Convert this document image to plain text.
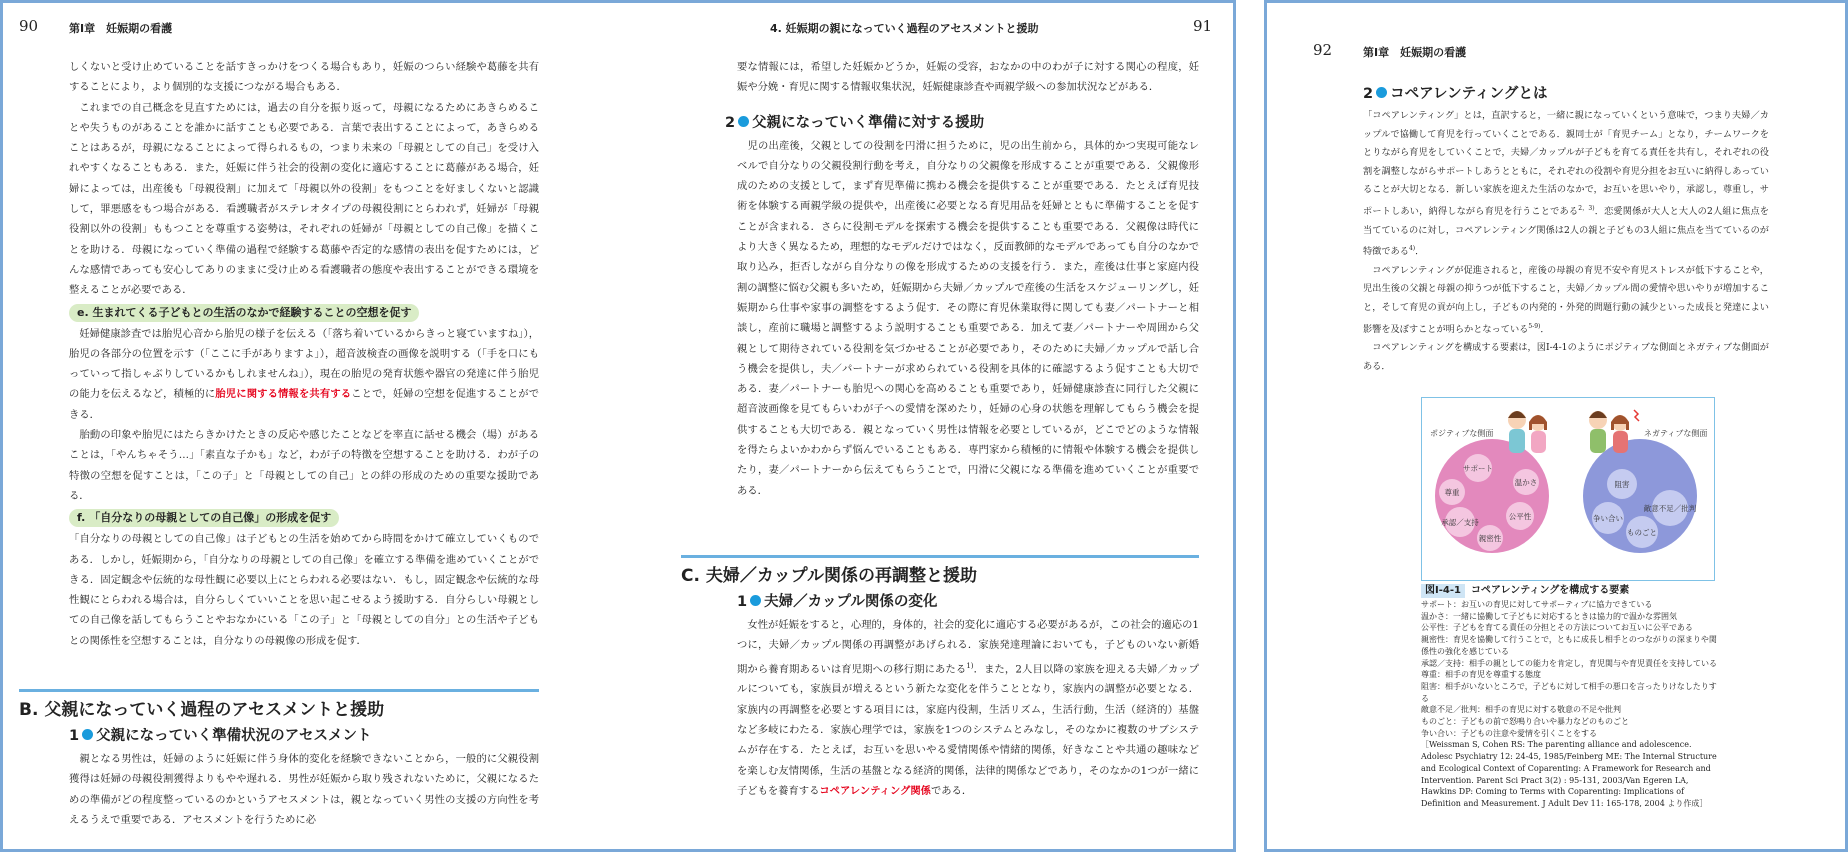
90	第Ⅰ章　妊娠期の看護	4. 妊娠期の親になっていく過程のアセスメントと援助	91

しくないと受け止めていることを話すきっかけをつくる場合もあり，妊娠のつらい経験や葛藤を共有することにより，より個別的な支援につながる場合もある．

　これまでの自己概念を見直すためには，過去の自分を振り返って，母親になるためにあきらめることや失うものがあることを誰かに話すことも必要である．言葉で表出することによって，あきらめることはあるが，母親になることによって得られるもの，つまり未来の「母親としての自己」を受け入れやすくなることもある．また，妊娠に伴う社会的役割の変化に適応することに葛藤がある場合，妊婦によっては，出産後も「母親役割」に加えて「母親以外の役割」をもつことを好ましくないと認識して，罪悪感をもつ場合がある．看護職者がステレオタイプの母親役割にとらわれず，妊婦が「母親役割以外の役割」ももつことを尊重する姿勢は，それぞれの妊婦が「母親としての自己像」を描くことを助ける．母親になっていく準備の過程で経験する葛藤や否定的な感情の表出を促すためには，どんな感情であっても安心してありのままに受け止める看護職者の態度や表出することができる環境を整えることが必要である．

e. 生まれてくる子どもとの生活のなかで経験することの空想を促す

　妊婦健康診査では胎児心音から胎児の様子を伝える（「落ち着いているからきっと寝ていますね」），胎児の各部分の位置を示す（「ここに手がありますよ」），超音波検査の画像を説明する（「手を口にもっていって指しゃぶりしているかもしれませんね」），現在の胎児の発育状態や器官の発達に伴う胎児の能力を伝えるなど，積極的に胎児に関する情報を共有することで，妊婦の空想を促進することができる．

　胎動の印象や胎児にはたらきかけたときの反応や感じたことなどを率直に話せる機会（場）があることは，「やんちゃそう…」「素直な子かも」など，わが子の特徴を空想することを助ける．わが子の特徴の空想を促すことは，「この子」と「母親としての自己」との絆の形成のための重要な援助である．

f. 「自分なりの母親としての自己像」の形成を促す

「自分なりの母親としての自己像」は子どもとの生活を始めてから時間をかけて確立していくものである．しかし，妊娠期から，「自分なりの母親としての自己像」を確立する準備を進めていくことができる．固定観念や伝統的な母性観に必要以上にとらわれる必要はない．もし，固定観念や伝統的な母性観にとらわれる場合は，自分らしくていいことを思い起こせるよう援助する．自分らしい母親としての自己像を話してもらうことやおなかにいる「この子」と「母親としての自分」との生活や子どもとの関係性を空想することは，自分なりの母親像の形成を促す．

B. 父親になっていく過程のアセスメントと援助
1 父親になっていく準備状況のアセスメント

　親となる男性は，妊婦のように妊娠に伴う身体的変化を経験できないことから，一般的に父親役割獲得は妊婦の母親役割獲得よりもやや遅れる．男性が妊娠から取り残されないために，父親になるための準備がどの程度整っているのかというアセスメントは，親となっていく男性の支援の方向性を考えるうえで重要である．アセスメントを行うために必

要な情報には，希望した妊娠かどうか，妊娠の受容，おなかの中のわが子に対する関心の程度，妊娠や分娩・育児に関する情報収集状況，妊娠健康診査や両親学級への参加状況などがある．

2 父親になっていく準備に対する援助

　児の出産後，父親としての役割を円滑に担うために，児の出生前から，具体的かつ実現可能なレベルで自分なりの父親役割行動を考え，自分なりの父親像を形成することが重要である．父親像形成のための支援として，まず育児準備に携わる機会を提供することが重要である．たとえば育児技術を体験する両親学級の提供や，出産後に必要となる育児用品を妊婦とともに準備することを促すことが含まれる．さらに役割モデルを探索する機会を提供することも重要である．父親像は時代により大きく異なるため，理想的なモデルだけではなく，反面教師的なモデルであっても自分のなかで取り込み，拒否しながら自分なりの像を形成するための支援を行う．また，産後は仕事と家庭内役割の調整に悩む父親も多いため，妊娠期から夫婦／カップルで産後の生活をスケジューリングし，妊娠期から仕事や家事の調整をするよう促す．その際に育児休業取得に関しても妻／パートナーと相談し，産前に職場と調整するよう説明することも重要である．加えて妻／パートナーや周囲から父親として期待されている役割を気づかせることが必要であり，そのために夫婦／カップルで話し合う機会を提供し，夫／パートナーが求められている役割を具体的に確認するよう促すことも大切である．妻／パートナーも胎児への関心を高めることも重要であり，妊婦健康診査に同行した父親に超音波画像を見てもらいわが子への愛情を深めたり，妊婦の心身の状態を理解してもらう機会を提供することも大切である．親となっていく男性は情報を必要としているが，どこでどのような情報を得たらよいかわからず悩んでいることもある．専門家から積極的に情報や体験する機会を提供したり，妻／パートナーから伝えてもらうことで，円滑に父親になる準備を進めていくことが重要である．

C. 夫婦／カップル関係の再調整と援助
1 夫婦／カップル関係の変化

　女性が妊娠をすると，心理的，身体的，社会的変化に適応する必要があるが，この社会的適応の1つに，夫婦／カップル関係の再調整があげられる．家族発達理論においても，子どものいない新婚期から養育期あるいは育児期への移行期にあたる$^{1)}$．また，2人目以降の家族を迎える夫婦／カップルについても，家族員が増えるという新たな変化を伴うこととなり，家族内の調整が必要となる．家族内の再調整を必要とする項目には，家庭内役割，生活リズム，生活行動，生活（経済的）基盤など多岐にわたる．家族心理学では，家族を1つのシステムとみなし，そのなかに複数のサブシステムが存在する．たとえば，お互いを思いやる愛情関係や情緒的関係，好きなことや共通の趣味などを楽しむ友情関係，生活の基盤となる経済的関係，法律的関係などであり，そのなかの1つが一緒に子どもを養育するコペアレンティング関係である．

92	第Ⅰ章　妊娠期の看護
2 コペアレンティングとは

「コペアレンティング」とは，直訳すると，一緒に親になっていくという意味で，つまり夫婦／カップルで協働して育児を行っていくことである．親同士が「育児チーム」となり，チームワークをとりながら育児をしていくことで，夫婦／カップルが子どもを育てる責任を共有し，それぞれの役割を調整しながらサポートしあうとともに，それぞれの役割や育児分担をお互いに納得しあっていることが大切となる．新しい家族を迎えた生活のなかで，お互いを思いやり，承認し，尊重し，サポートしあい，納得しながら育児を行うことである$^{2,3)}$．恋愛関係が大人と大人の2人組に焦点を当てているのに対し，コペアレンティング関係は2人の親と子どもの3人組に焦点を当てているのが特徴である$^{4)}$．

　コペアレンティングが促進されると，産後の母親の育児不安や育児ストレスが低下することや，児出生後の父親と母親の抑うつが低下すること，夫婦／カップル間の愛情や思いやりが増加すること，そして育児の貢が向上し，子どもの内発的・外発的問題行動の減少といった成長と発達によい影響を及ぼすことが明らかとなっている$^{5-9)}$．

　コペアレンティングを構成する要素は，図Ⅰ-4-1のようにポジティブな側面とネガティブな側面がある．

ポジティブな側面	ネガティブな側面
サポート
温かさ
尊重
承認／支持
公平性
親密性
阻害
敵意不足／批判
争い合い
ものごと
図Ⅰ-4-1 コペアレンティングを構成する要素
サポート：お互いの育児に対してサポーティブに協力できている
温かさ：一緒に協働して子どもに対応するときは協力的で温かな雰囲気
公平性：子どもを育てる責任の分担とその方法についてお互いに公平である
親密性：育児を協働して行うことで，ともに成長し相手とのつながりの深まりや関係性の強化を感じている
承認／支持：相手の親としての能力を肯定し，育児関与や育児責任を支持している
尊重：相手の育児を尊重する態度
阻害：相手がいないところで，子どもに対して相手の悪口を言ったりけなしたりする
敵意不足／批判：相手の育児に対する敬意の不足や批判
ものごと：子どもの前で怒鳴り合いや暴力などのものごと
争い合い：子どもの注意や愛情を引くことをする
［Weissman S, Cohen RS: The parenting alliance and adolescence. Adolesc Psychiatry 12: 24-45, 1985/Feinberg ME: The Internal Structure and Ecological Context of Coparenting: A Framework for Research and Intervention. Parent Sci Pract 3(2) : 95-131, 2003/Van Egeren LA, Hawkins DP: Coming to Terms with Coparenting: Implications of Definition and Measurement. J Adult Dev 11: 165-178, 2004 より作成］
